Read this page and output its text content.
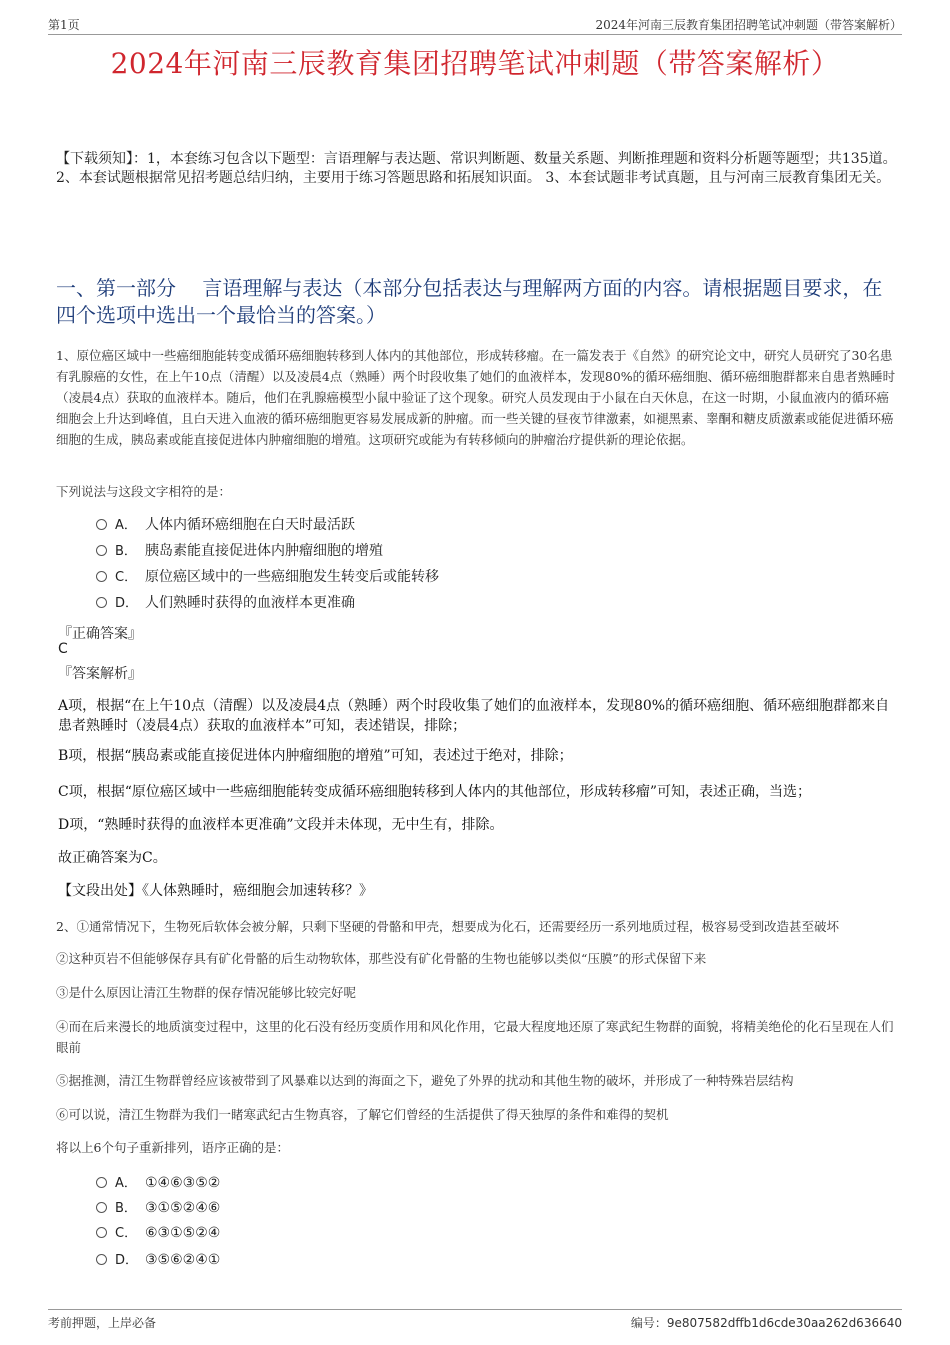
第1页	2024年河南三辰教育集团招聘笔试冲刺题（带答案解析）
2024年河南三辰教育集团招聘笔试冲刺题（带答案解析）
【下载须知】：1，本套练习包含以下题型：言语理解与表达题、常识判断题、数量关系题、判断推理题和资料分析题等题型；共135道。 2、本套试题根据常见招考题总结归纳，主要用于练习答题思路和拓展知识面。 3、本套试题非考试真题，且与河南三辰教育集团无关。
一、第一部分　 言语理解与表达（本部分包括表达与理解两方面的内容。请根据题目要求，在四个选项中选出一个最恰当的答案。）
1、原位癌区域中一些癌细胞能转变成循环癌细胞转移到人体内的其他部位，形成转移瘤。在一篇发表于《自然》的研究论文中，研究人员研究了30名患有乳腺癌的女性，在上午10点（清醒）以及凌晨4点（熟睡）两个时段收集了她们的血液样本，发现80%的循环癌细胞、循环癌细胞群都来自患者熟睡时（凌晨4点）获取的血液样本。随后，他们在乳腺癌模型小鼠中验证了这个现象。研究人员发现由于小鼠在白天休息，在这一时期，小鼠血液内的循环癌细胞会上升达到峰值，且白天进入血液的循环癌细胞更容易发展成新的肿瘤。而一些关键的昼夜节律激素，如褪黑素、睾酮和糖皮质激素或能促进循环癌细胞的生成，胰岛素或能直接促进体内肿瘤细胞的增殖。这项研究或能为有转移倾向的肿瘤治疗提供新的理论依据。
下列说法与这段文字相符的是：
A． 人体内循环癌细胞在白天时最活跃
B． 胰岛素能直接促进体内肿瘤细胞的增殖
C． 原位癌区域中的一些癌细胞发生转变后或能转移
D． 人们熟睡时获得的血液样本更准确
『正确答案』
C
『答案解析』
A项，根据“在上午10点（清醒）以及凌晨4点（熟睡）两个时段收集了她们的血液样本，发现80%的循环癌细胞、循环癌细胞群都来自患者熟睡时（凌晨4点）获取的血液样本”可知，表述错误，排除；
B项，根据“胰岛素或能直接促进体内肿瘤细胞的增殖”可知，表述过于绝对，排除；
C项，根据“原位癌区域中一些癌细胞能转变成循环癌细胞转移到人体内的其他部位，形成转移瘤”可知，表述正确，当选；
D项，“熟睡时获得的血液样本更准确”文段并未体现，无中生有，排除。
故正确答案为C。
【文段出处】《人体熟睡时，癌细胞会加速转移？》
2、①通常情况下，生物死后软体会被分解，只剩下坚硬的骨骼和甲壳，想要成为化石，还需要经历一系列地质过程，极容易受到改造甚至破坏
②这种页岩不但能够保存具有矿化骨骼的后生动物软体，那些没有矿化骨骼的生物也能够以类似“压膜”的形式保留下来
③是什么原因让清江生物群的保存情况能够比较完好呢
④而在后来漫长的地质演变过程中，这里的化石没有经历变质作用和风化作用，它最大程度地还原了寒武纪生物群的面貌，将精美绝伦的化石呈现在人们眼前
⑤据推测，清江生物群曾经应该被带到了风暴难以达到的海面之下，避免了外界的扰动和其他生物的破坏，并形成了一种特殊岩层结构
⑥可以说，清江生物群为我们一睹寒武纪古生物真容，了解它们曾经的生活提供了得天独厚的条件和难得的契机
将以上6个句子重新排列，语序正确的是：
A． ①④⑥③⑤②
B． ③①⑤②④⑥
C． ⑥③①⑤②④
D． ③⑤⑥②④①
考前押题，上岸必备	编号：9e807582dffb1d6cde30aa262d636640
